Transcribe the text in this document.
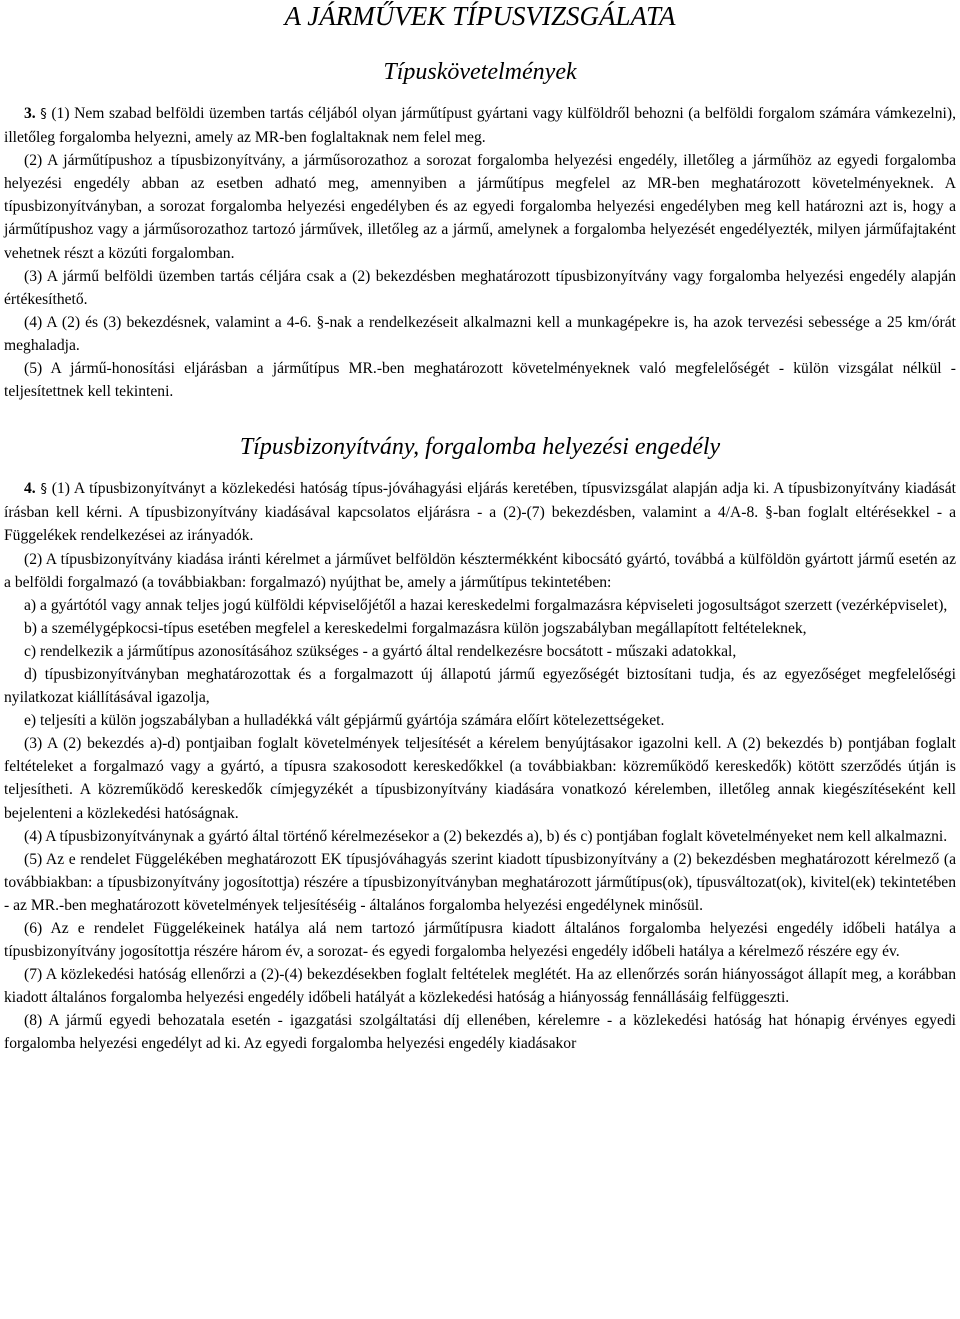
A JÁRMŰVEK TÍPUSVIZSGÁLATA
Típuskövetelmények

3. § (1) Nem szabad belföldi üzemben tartás céljából olyan járműtípust gyártani vagy külföldről behozni (a belföldi forgalom számára vámkezelni), illetőleg forgalomba helyezni, amely az MR-ben foglaltaknak nem felel meg.

(2) A járműtípushoz a típusbizonyítvány, a járműsorozathoz a sorozat forgalomba helyezési engedély, illetőleg a járműhöz az egyedi forgalomba helyezési engedély abban az esetben adható meg, amennyiben a járműtípus megfelel az MR-ben meghatározott követelményeknek. A típusbizonyítványban, a sorozat forgalomba helyezési engedélyben és az egyedi forgalomba helyezési engedélyben meg kell határozni azt is, hogy a járműtípushoz vagy a járműsorozathoz tartozó járművek, illetőleg az a jármű, amelynek a forgalomba helyezését engedélyezték, milyen járműfajtaként vehetnek részt a közúti forgalomban.

(3) A jármű belföldi üzemben tartás céljára csak a (2) bekezdésben meghatározott típusbizonyítvány vagy forgalomba helyezési engedély alapján értékesíthető.

(4) A (2) és (3) bekezdésnek, valamint a 4-6. §-nak a rendelkezéseit alkalmazni kell a munkagépekre is, ha azok tervezési sebessége a 25 km/órát meghaladja.

(5) A jármű-honosítási eljárásban a járműtípus MR.-ben meghatározott követelményeknek való megfelelőségét - külön vizsgálat nélkül - teljesítettnek kell tekinteni.

Típusbizonyítvány, forgalomba helyezési engedély

4. § (1) A típusbizonyítványt a közlekedési hatóság típus-jóváhagyási eljárás keretében, típusvizsgálat alapján adja ki. A típusbizonyítvány kiadását írásban kell kérni. A típusbizonyítvány kiadásával kapcsolatos eljárásra - a (2)-(7) bekezdésben, valamint a 4/A-8. §-ban foglalt eltérésekkel - a Függelékek rendelkezései az irányadók.

(2) A típusbizonyítvány kiadása iránti kérelmet a járművet belföldön késztermékként kibocsátó gyártó, továbbá a külföldön gyártott jármű esetén az a belföldi forgalmazó (a továbbiakban: forgalmazó) nyújthat be, amely a járműtípus tekintetében:

a) a gyártótól vagy annak teljes jogú külföldi képviselőjétől a hazai kereskedelmi forgalmazásra képviseleti jogosultságot szerzett (vezérképviselet),

b) a személygépkocsi-típus esetében megfelel a kereskedelmi forgalmazásra külön jogszabályban megállapított feltételeknek,

c) rendelkezik a járműtípus azonosításához szükséges - a gyártó által rendelkezésre bocsátott - műszaki adatokkal,

d) típusbizonyítványban meghatározottak és a forgalmazott új állapotú jármű egyezőségét biztosítani tudja, és az egyezőséget megfelelőségi nyilatkozat kiállításával igazolja,

e) teljesíti a külön jogszabályban a hulladékká vált gépjármű gyártója számára előírt kötelezettségeket.

(3) A (2) bekezdés a)-d) pontjaiban foglalt követelmények teljesítését a kérelem benyújtásakor igazolni kell. A (2) bekezdés b) pontjában foglalt feltételeket a forgalmazó vagy a gyártó, a típusra szakosodott kereskedőkkel (a továbbiakban: közreműködő kereskedők) kötött szerződés útján is teljesítheti. A közreműködő kereskedők címjegyzékét a típusbizonyítvány kiadására vonatkozó kérelemben, illetőleg annak kiegészítéseként kell bejelenteni a közlekedési hatóságnak.

(4) A típusbizonyítványnak a gyártó által történő kérelmezésekor a (2) bekezdés a), b) és c) pontjában foglalt követelményeket nem kell alkalmazni.

(5) Az e rendelet Függelékében meghatározott EK típusjóváhagyás szerint kiadott típusbizonyítvány a (2) bekezdésben meghatározott kérelmező (a továbbiakban: a típusbizonyítvány jogosítottja) részére a típusbizonyítványban meghatározott járműtípus(ok), típusváltozat(ok), kivitel(ek) tekintetében - az MR.-ben meghatározott követelmények teljesítéséig - általános forgalomba helyezési engedélynek minősül.

(6) Az e rendelet Függelékeinek hatálya alá nem tartozó járműtípusra kiadott általános forgalomba helyezési engedély időbeli hatálya a típusbizonyítvány jogosítottja részére három év, a sorozat- és egyedi forgalomba helyezési engedély időbeli hatálya a kérelmező részére egy év.

(7) A közlekedési hatóság ellenőrzi a (2)-(4) bekezdésekben foglalt feltételek meglétét. Ha az ellenőrzés során hiányosságot állapít meg, a korábban kiadott általános forgalomba helyezési engedély időbeli hatályát a közlekedési hatóság a hiányosság fennállásáig felfüggeszti.

(8) A jármű egyedi behozatala esetén - igazgatási szolgáltatási díj ellenében, kérelemre - a közlekedési hatóság hat hónapig érvényes egyedi forgalomba helyezési engedélyt ad ki. Az egyedi forgalomba helyezési engedély kiadásakor
